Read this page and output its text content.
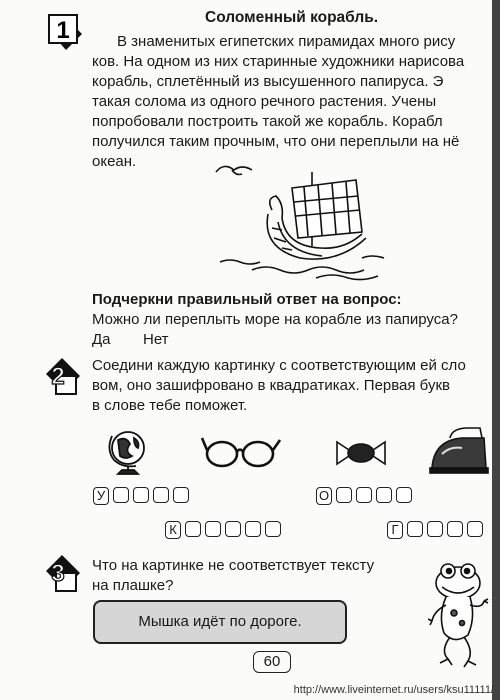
1	Соломенный корабль.
В знаменитых египетских пирамидах много рису
ков. На одном из них старинные художники нарисова
корабль, сплетённый из высушенного папируса. Э
такая солома из одного речного растения. Учены
попробовали построить такой же корабль. Корабл
получился таким прочным, что они переплыли на нё
океан.
Подчеркни правильный ответ на вопрос:
Можно ли переплыть море на корабле из папируса?
Да Нет
2 Соедини каждую картинку с соответствующим ей сло
вом, оно зашифровано в квадратиках. Первая букв
в слове тебе поможет.
У	О
К	Г
3 Что на картинке не соответствует тексту
на плашке?
Мышка идёт по дороге.
60
http://www.liveinternet.ru/users/ksu11111/
